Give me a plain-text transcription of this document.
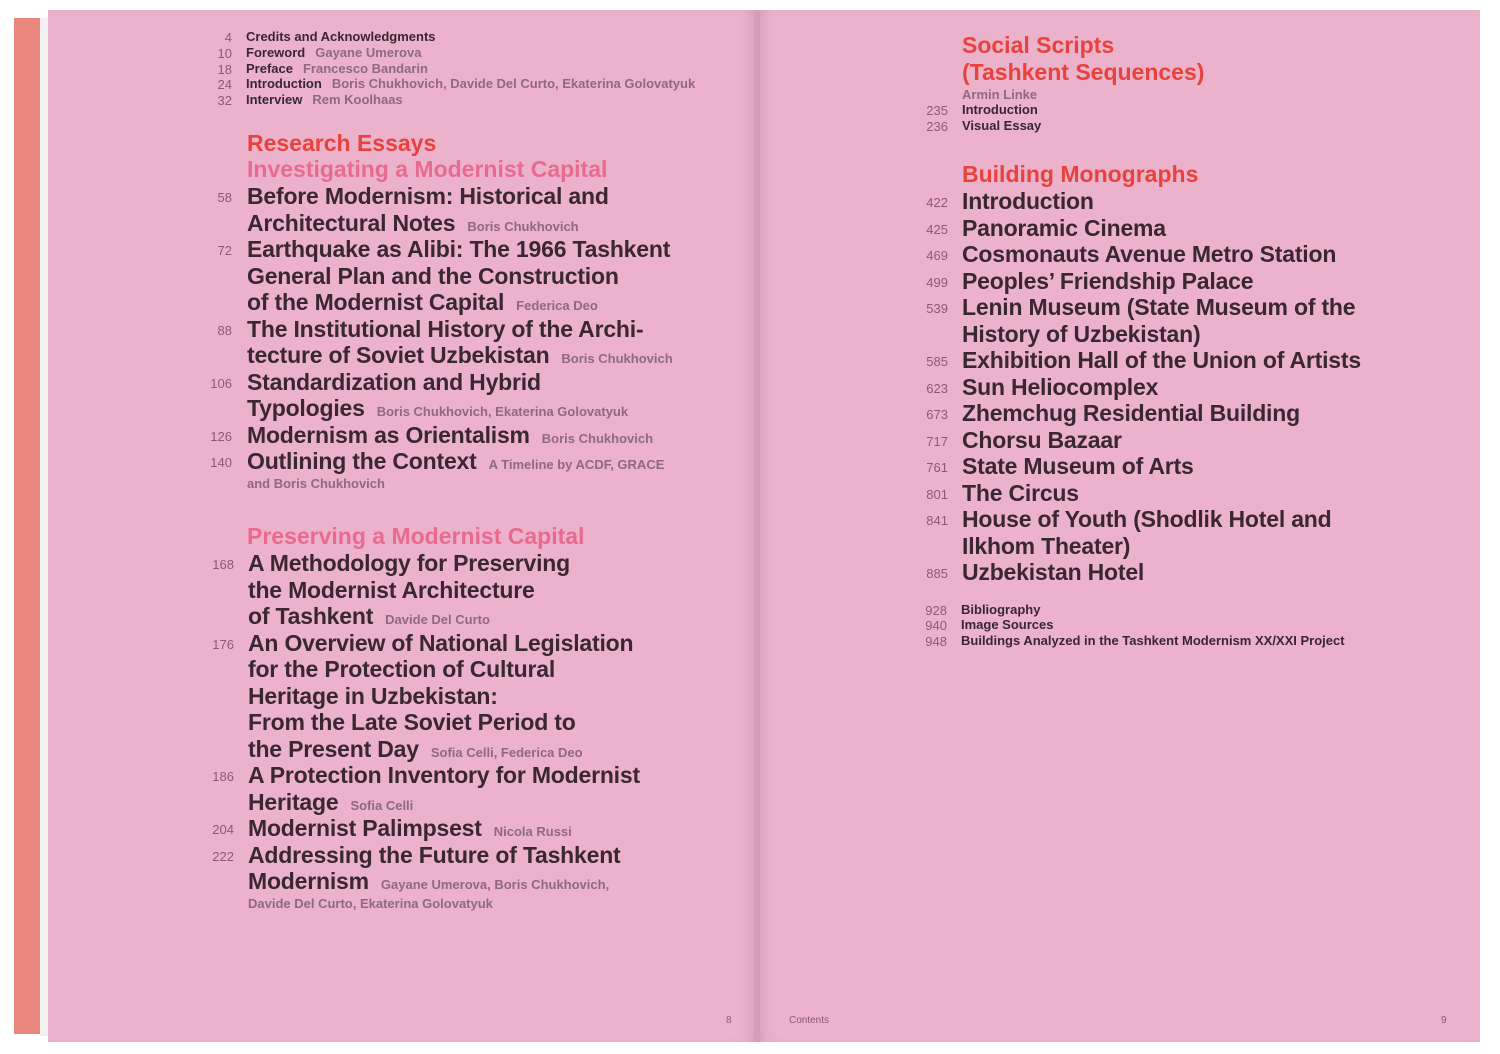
4 Credits and Acknowledgments
10 Foreword Gayane Umerova
18 Preface Francesco Bandarin
24 Introduction Boris Chukhovich, Davide Del Curto, Ekaterina Golovatyuk
32 Interview Rem Koolhaas
Research Essays
Investigating a Modernist Capital
58 Before Modernism: Historical and
Architectural Notes Boris Chukhovich
72 Earthquake as Alibi: The 1966 Tashkent
General Plan and the Construction
of the Modernist Capital Federica Deo
88 The Institutional History of the Archi-
tecture of Soviet Uzbekistan Boris Chukhovich
106 Standardization and Hybrid
Typologies Boris Chukhovich, Ekaterina Golovatyuk
126 Modernism as Orientalism Boris Chukhovich
140 Outlining the Context A Timeline by ACDF, GRACE
and Boris Chukhovich
Preserving a Modernist Capital
168 A Methodology for Preserving
the Modernist Architecture
of Tashkent Davide Del Curto
176 An Overview of National Legislation
for the Protection of Cultural
Heritage in Uzbekistan:
From the Late Soviet Period to
the Present Day Sofia Celli, Federica Deo
186 A Protection Inventory for Modernist
Heritage Sofia Celli
204 Modernist Palimpsest Nicola Russi
222 Addressing the Future of Tashkent
Modernism Gayane Umerova, Boris Chukhovich,
Davide Del Curto, Ekaterina Golovatyuk
8
Social Scripts
(Tashkent Sequences)
Armin Linke
235 Introduction
236 Visual Essay
Building Monographs
422 Introduction
425 Panoramic Cinema
469 Cosmonauts Avenue Metro Station
499 Peoples’ Friendship Palace
539 Lenin Museum (State Museum of the
History of Uzbekistan)
585 Exhibition Hall of the Union of Artists
623 Sun Heliocomplex
673 Zhemchug Residential Building
717 Chorsu Bazaar
761 State Museum of Arts
801 The Circus
841 House of Youth (Shodlik Hotel and
Ilkhom Theater)
885 Uzbekistan Hotel
928 Bibliography
940 Image Sources
948 Buildings Analyzed in the Tashkent Modernism XX/XXI Project
Contents	9
